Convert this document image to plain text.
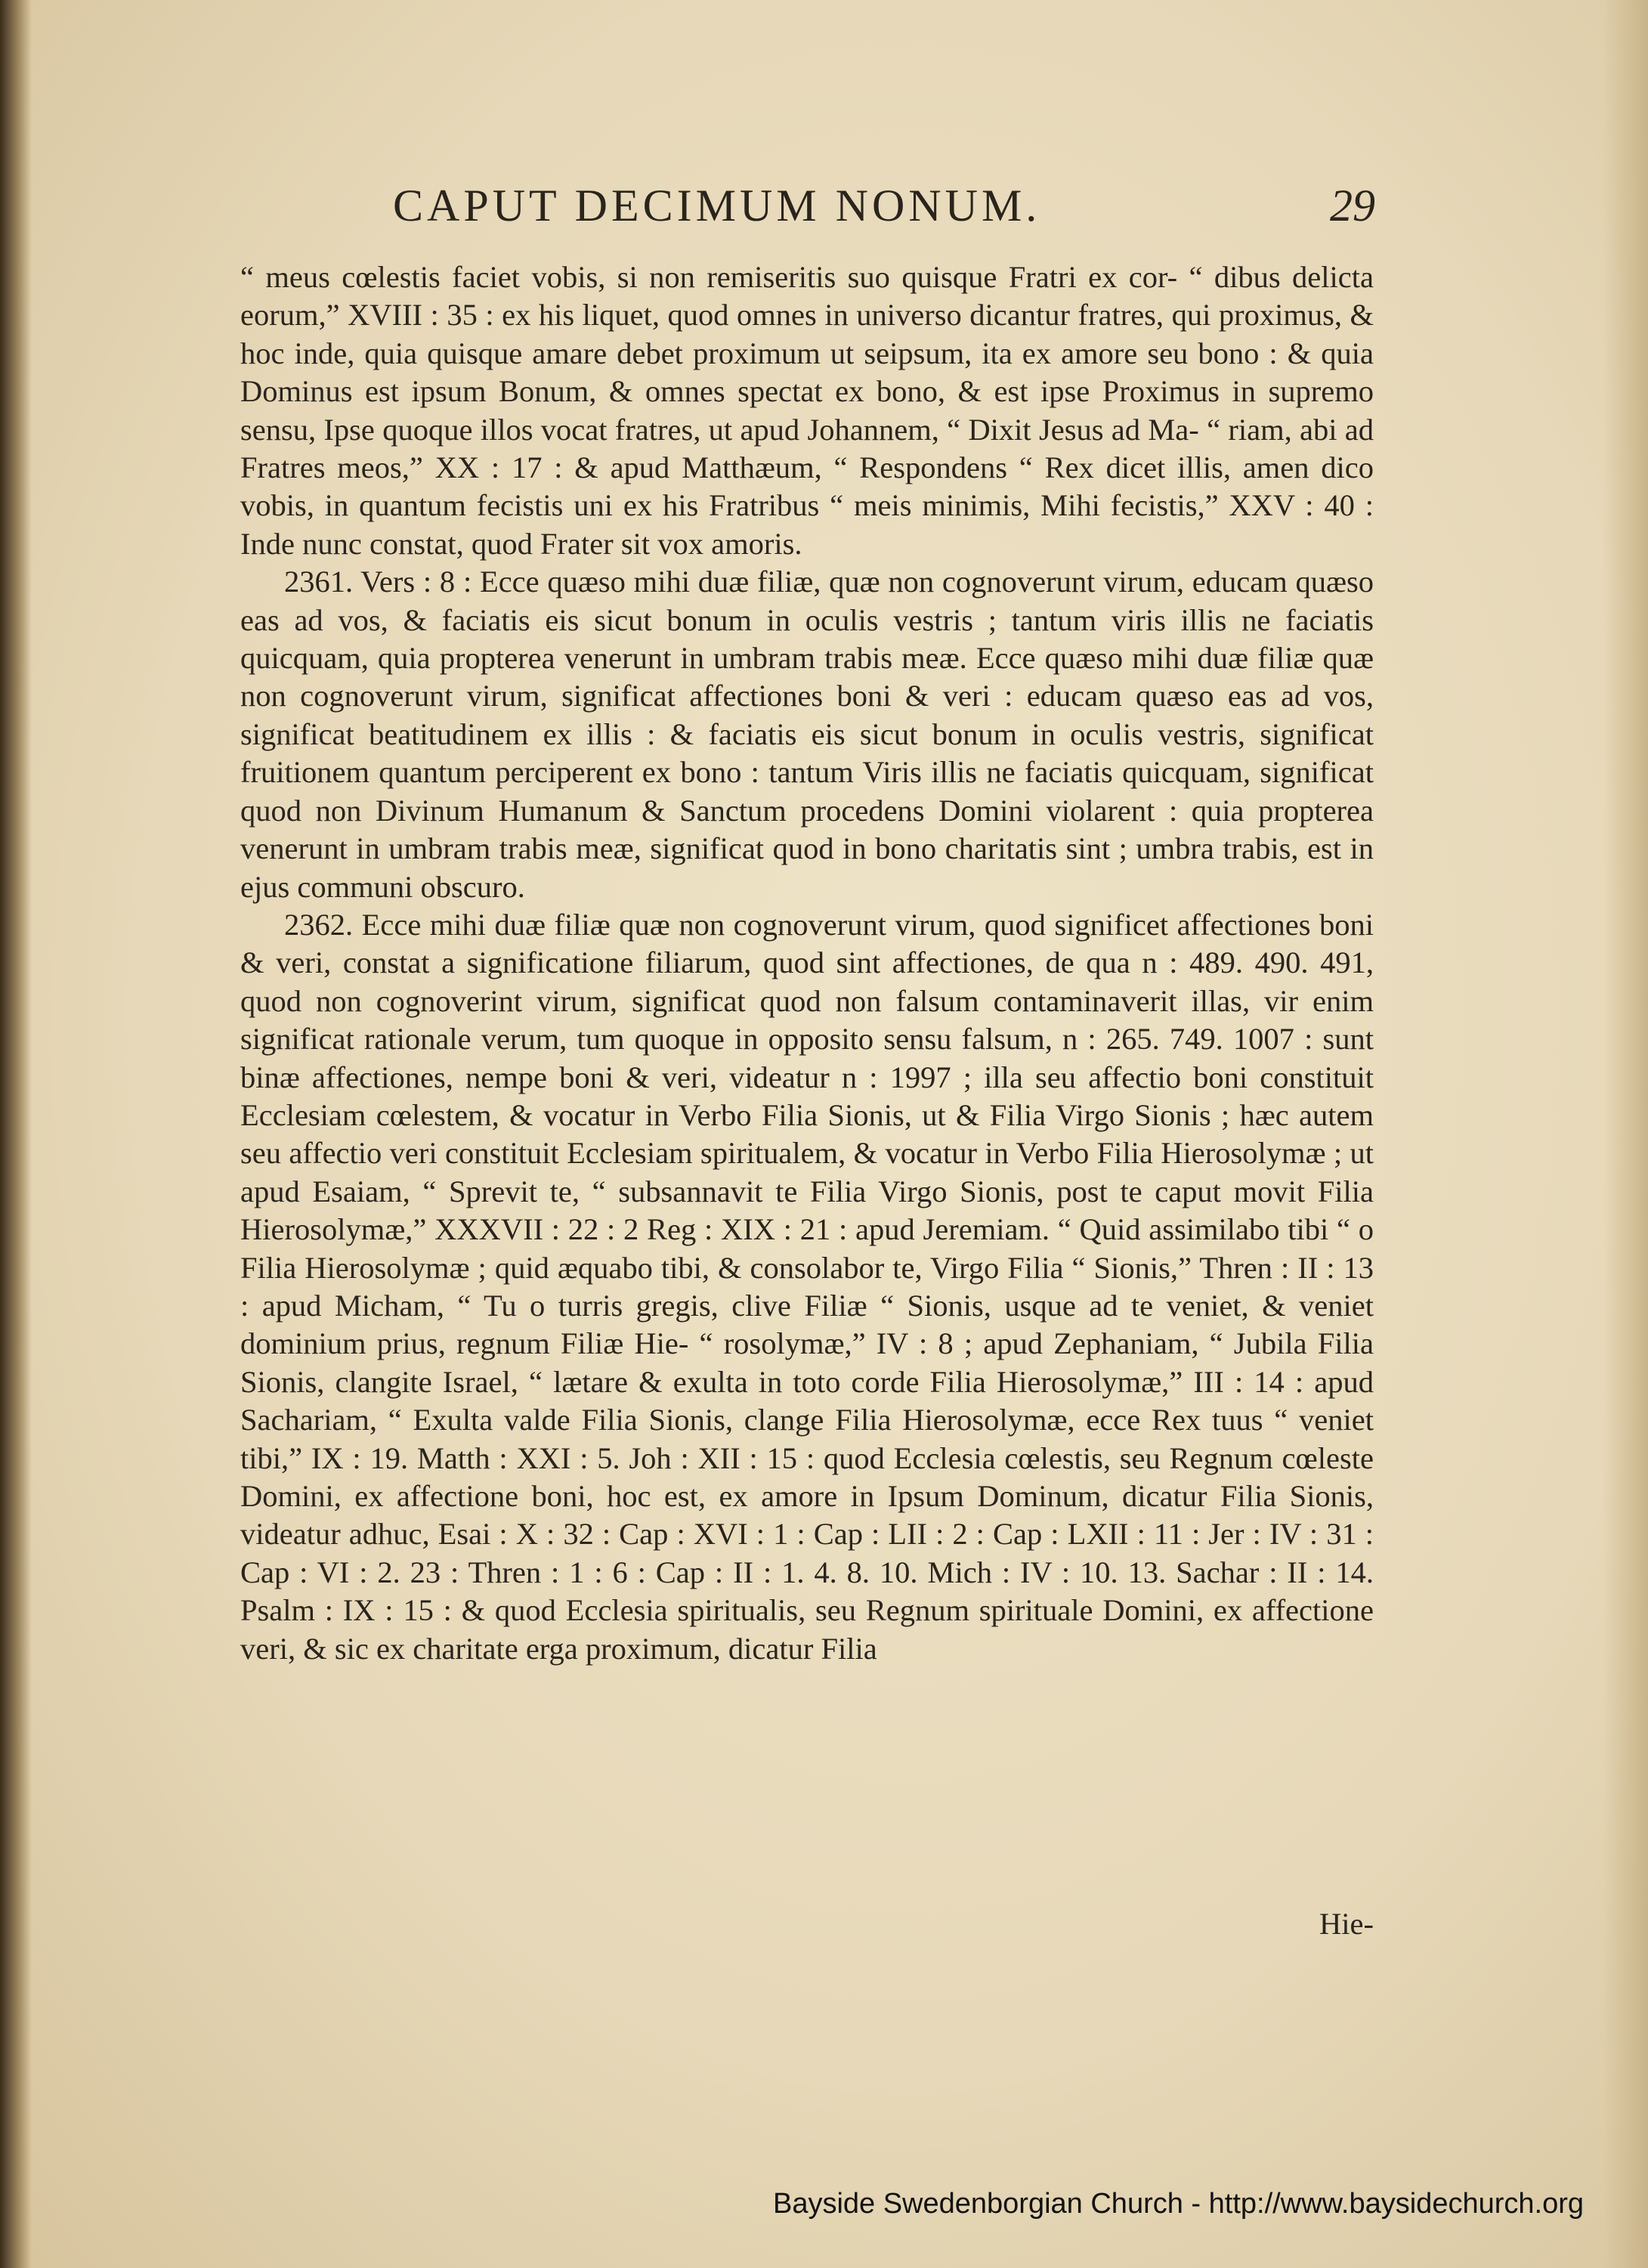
CAPUT DECIMUM NONUM.	29

“ meus cœlestis faciet vobis, si non remiseritis suo quisque Fratri ex cor- “ dibus delicta eorum,” XVIII : 35 : ex his liquet, quod omnes in universo dicantur fratres, qui proximus, & hoc inde, quia quisque amare debet proximum ut seipsum, ita ex amore seu bono : & quia Dominus est ipsum Bonum, & omnes spectat ex bono, & est ipse Proximus in supremo sensu, Ipse quoque illos vocat fratres, ut apud Johannem, “ Dixit Jesus ad Ma- “ riam, abi ad Fratres meos,” XX : 17 : & apud Matthæum, “ Respondens “ Rex dicet illis, amen dico vobis, in quantum fecistis uni ex his Fratribus “ meis minimis, Mihi fecistis,” XXV : 40 : Inde nunc constat, quod Frater sit vox amoris.

2361. Vers : 8 : Ecce quæso mihi duæ filiæ, quæ non cognoverunt virum, educam quæso eas ad vos, & faciatis eis sicut bonum in oculis vestris ; tantum viris illis ne faciatis quicquam, quia propterea venerunt in umbram trabis meæ. Ecce quæso mihi duæ filiæ quæ non cognoverunt virum, significat affectiones boni & veri : educam quæso eas ad vos, significat beatitudinem ex illis : & faciatis eis sicut bonum in oculis vestris, significat fruitionem quantum perciperent ex bono : tantum Viris illis ne faciatis quicquam, significat quod non Divinum Humanum & Sanctum procedens Domini violarent : quia propterea venerunt in umbram trabis meæ, significat quod in bono charitatis sint ; umbra trabis, est in ejus communi obscuro.

2362. Ecce mihi duæ filiæ quæ non cognoverunt virum, quod significet affectiones boni & veri, constat a significatione filiarum, quod sint affectiones, de qua n : 489. 490. 491, quod non cognoverint virum, significat quod non falsum contaminaverit illas, vir enim significat rationale verum, tum quoque in opposito sensu falsum, n : 265. 749. 1007 : sunt binæ affectiones, nempe boni & veri, videatur n : 1997 ; illa seu affectio boni constituit Ecclesiam cœlestem, & vocatur in Verbo Filia Sionis, ut & Filia Virgo Sionis ; hæc autem seu affectio veri constituit Ecclesiam spiritualem, & vocatur in Verbo Filia Hierosolymæ ; ut apud Esaiam, “ Sprevit te, “ subsannavit te Filia Virgo Sionis, post te caput movit Filia Hierosolymæ,” XXXVII : 22 : 2 Reg : XIX : 21 : apud Jeremiam. “ Quid assimilabo tibi “ o Filia Hierosolymæ ; quid æquabo tibi, & consolabor te, Virgo Filia “ Sionis,” Thren : II : 13 : apud Micham, “ Tu o turris gregis, clive Filiæ “ Sionis, usque ad te veniet, & veniet dominium prius, regnum Filiæ Hie- “ rosolymæ,” IV : 8 ; apud Zephaniam, “ Jubila Filia Sionis, clangite Israel, “ lætare & exulta in toto corde Filia Hierosolymæ,” III : 14 : apud Sachariam, “ Exulta valde Filia Sionis, clange Filia Hierosolymæ, ecce Rex tuus “ veniet tibi,” IX : 19. Matth : XXI : 5. Joh : XII : 15 : quod Ecclesia cœlestis, seu Regnum cœleste Domini, ex affectione boni, hoc est, ex amore in Ipsum Dominum, dicatur Filia Sionis, videatur adhuc, Esai : X : 32 : Cap : XVI : 1 : Cap : LII : 2 : Cap : LXII : 11 : Jer : IV : 31 : Cap : VI : 2. 23 : Thren : 1 : 6 : Cap : II : 1. 4. 8. 10. Mich : IV : 10. 13. Sachar : II : 14. Psalm : IX : 15 : & quod Ecclesia spiritualis, seu Regnum spirituale Domini, ex affectione veri, & sic ex charitate erga proximum, dicatur Filia

Hie-
Bayside Swedenborgian Church - http://www.baysidechurch.org
